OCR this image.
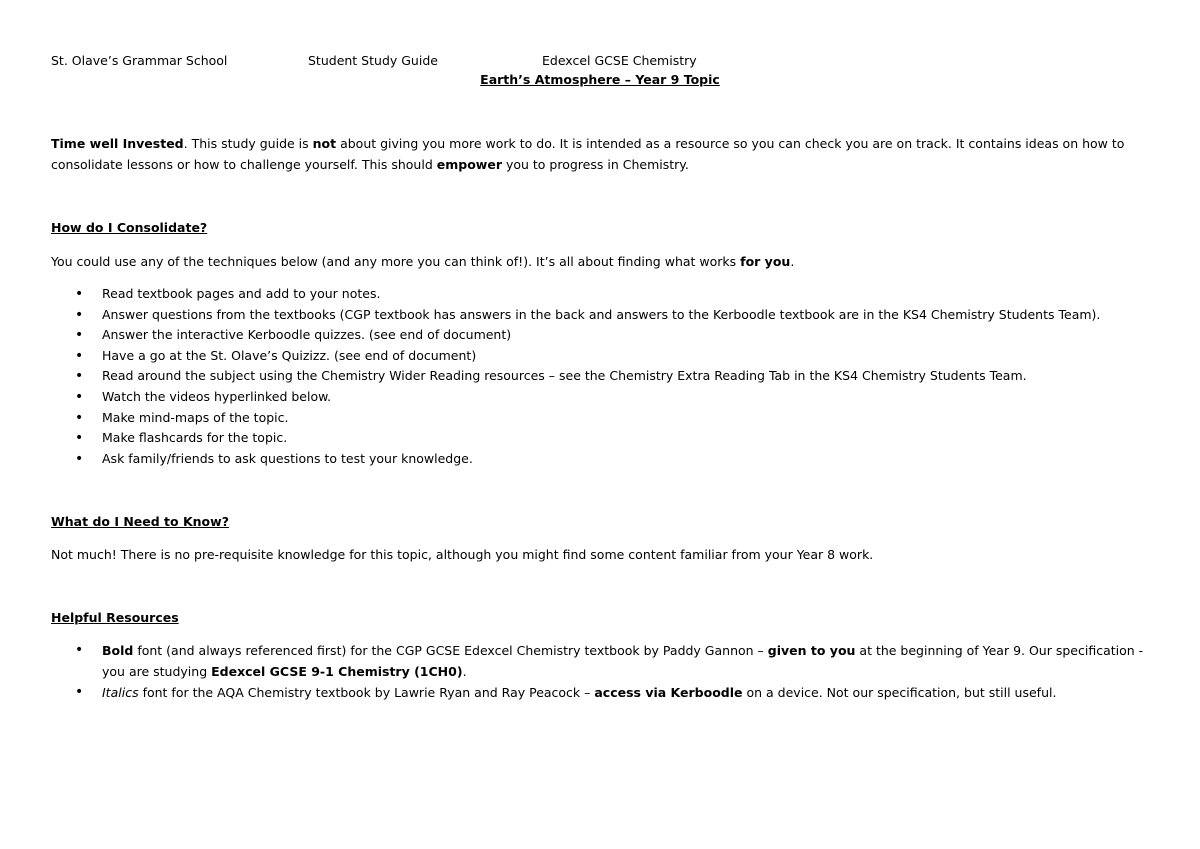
St. Olave’s Grammar School	Student Study Guide	Edexcel GCSE Chemistry
Earth’s Atmosphere – Year 9 Topic
Time well Invested. This study guide is not about giving you more work to do. It is intended as a resource so you can check you are on track. It contains ideas on how to consolidate lessons or how to challenge yourself. This should empower you to progress in Chemistry.
How do I Consolidate?
You could use any of the techniques below (and any more you can think of!). It’s all about finding what works for you.
• Read textbook pages and add to your notes.
• Answer questions from the textbooks (CGP textbook has answers in the back and answers to the Kerboodle textbook are in the KS4 Chemistry Students Team).
• Answer the interactive Kerboodle quizzes. (see end of document)
• Have a go at the St. Olave’s Quizizz. (see end of document)
• Read around the subject using the Chemistry Wider Reading resources – see the Chemistry Extra Reading Tab in the KS4 Chemistry Students Team.
• Watch the videos hyperlinked below.
• Make mind-maps of the topic.
• Make flashcards for the topic.
• Ask family/friends to ask questions to test your knowledge.
What do I Need to Know?
Not much! There is no pre-requisite knowledge for this topic, although you might find some content familiar from your Year 8 work.
Helpful Resources
• Bold font (and always referenced first) for the CGP GCSE Edexcel Chemistry textbook by Paddy Gannon – given to you at the beginning of Year 9. Our specification - you are studying Edexcel GCSE 9-1 Chemistry (1CH0).
• Italics font for the AQA Chemistry textbook by Lawrie Ryan and Ray Peacock – access via Kerboodle on a device. Not our specification, but still useful.
